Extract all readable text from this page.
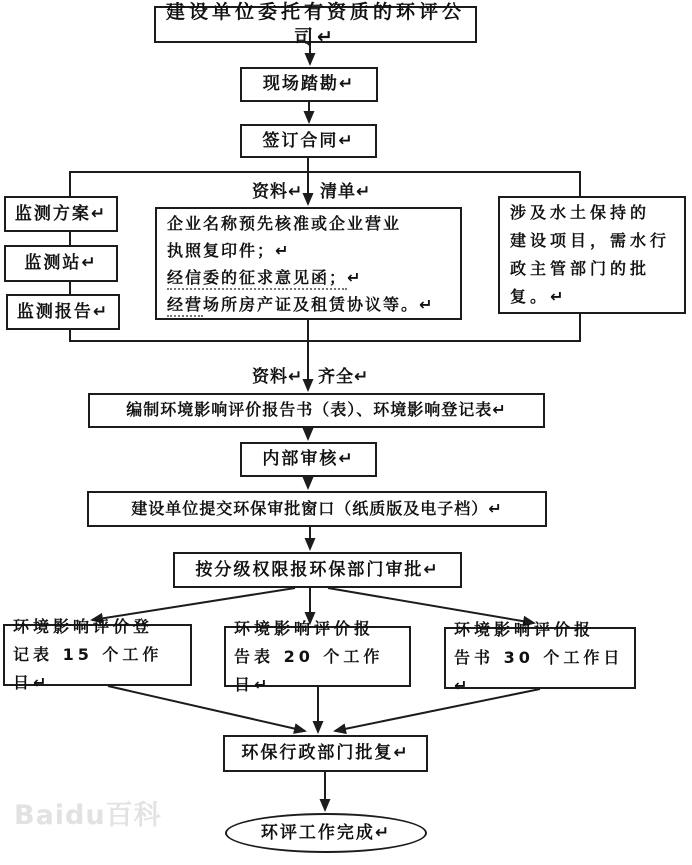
Baidu百科
建设单位委托有资质的环评公司↵
现场踏勘↵
签订合同↵
资料↵ 清单↵
监测方案↵
监测站↵
监测报告↵
企业名称预先核准或企业营业
执照复印件；↵
经信委的征求意见函；↵
经营场所房产证及租赁协议等。↵
涉及水土保持的
建设项目，需水行
政主管部门的批
复。↵
资料↵ 齐全↵
编制环境影响评价报告书（表）、环境影响登记表↵
内部审核↵
建设单位提交环保审批窗口（纸质版及电子档）↵
按分级权限报环保部门审批↵
环境影响评价登
记表 15 个工作日↵
环境影响评价报
告表 20 个工作日↵
环境影响评价报
告书 30 个工作日↵
环保行政部门批复↵
环评工作完成↵
